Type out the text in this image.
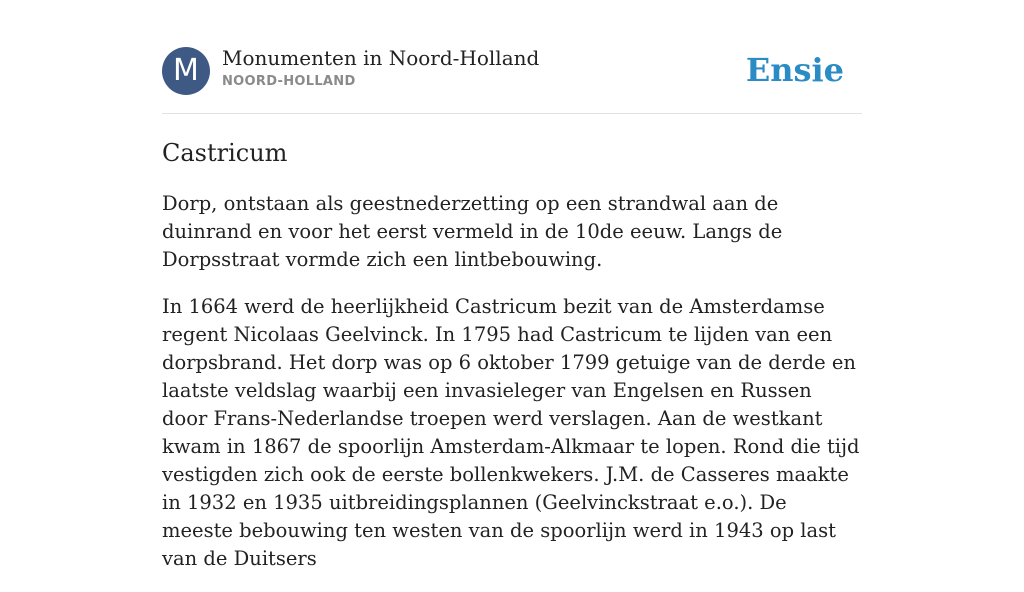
M Monumenten in Noord-Holland
NOORD-HOLLAND	Ensie
Castricum

Dorp, ontstaan als geestnederzetting op een strandwal aan de duinrand en voor het eerst vermeld in de 10de eeuw. Langs de Dorpsstraat vormde zich een lintbebouwing.

In 1664 werd de heerlijkheid Castricum bezit van de Amsterdamse regent Nicolaas Geelvinck. In 1795 had Castricum te lijden van een dorpsbrand. Het dorp was op 6 oktober 1799 getuige van de derde en laatste veldslag waarbij een invasieleger van Engelsen en Russen door Frans-Nederlandse troepen werd verslagen. Aan de westkant kwam in 1867 de spoorlijn Amsterdam-Alkmaar te lopen. Rond die tijd vestigden zich ook de eerste bollenkwekers. J.M. de Casseres maakte in 1932 en 1935 uitbreidingsplannen (Geelvinckstraat e.o.). De meeste bebouwing ten westen van de spoorlijn werd in 1943 op last van de Duitsers
